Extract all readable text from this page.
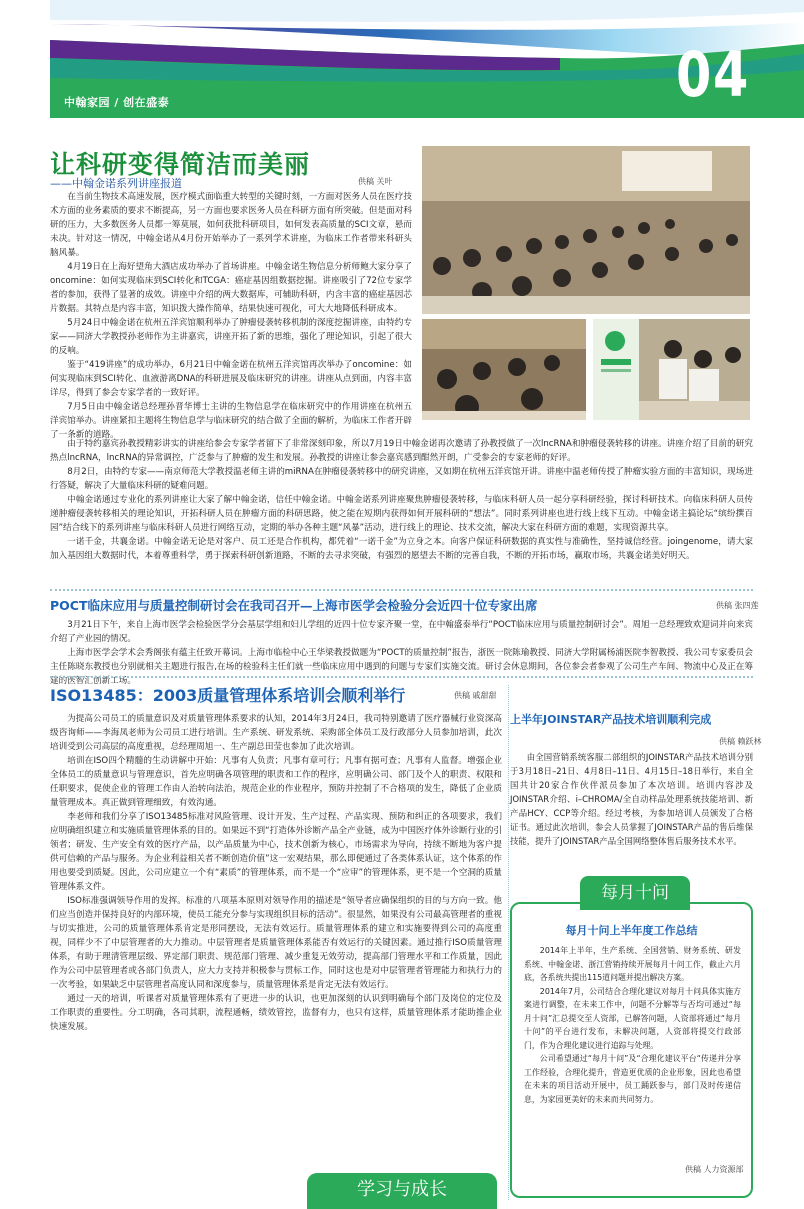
中翰家园 / 创在盛泰	04
让科研变得简洁而美丽
——中翰金诺系列讲座报道	供稿 关叶

在当前生物技术高速发展，医疗模式面临重大转型的关键时刻，一方面对医务人员在医疗技术方面的业务素质的要求不断提高，另一方面也要求医务人员在科研方面有所突破。但是面对科研的压力，大多数医务人员都一筹莫展，如何获批科研项目，如何发表高质量的SCI文章，悬而未决。针对这一情况，中翰金诺从4月份开始举办了一系列学术讲座，为临床工作者带来科研头脑风暴。

4月19日在上海好望角大酒店成功举办了首场讲座。中翰金诺生物信息分析师鲍大家分享了oncomine：如何实现临床到SCI转化和TCGA：癌症基因组数据挖掘。讲座吸引了72位专家学者的参加，获得了显著的成效。讲座中介绍的两大数据库，可辅助科研，内含丰富的癌症基因芯片数据。其特点是内容丰富，知识拨大操作简单，结果快速可视化，可大大地降低科研成本。

5月24日中翰金诺在杭州五洋宾馆顺利举办了肿瘤侵袭转移机制的深度挖掘讲座，由特约专家——同济大学教授孙老师作为主讲嘉宾，讲座开拓了新的思维，强化了理论知识，引起了很大的反响。

鉴于“419讲座”的成功举办，6月21日中翰金诺在杭州五洋宾馆再次举办了oncomine：如何实现临床到SCI转化、血液游离DNA的科研进展及临床研究的讲座。讲座从点到面，内容丰富详尽，得到了参会专家学者的一致好评。

7月5日由中翰金诺总经理孙晋华博士主讲的生物信息学在临床研究中的作用讲座在杭州五洋宾馆举办。讲座紧扣主题将生物信息学与临床研究的结合做了全面的解析，为临床工作者开辟了一条新的道路。

由于特约嘉宾孙教授精彩讲实的讲座给参会专家学者留下了非常深刻印象，所以7月19日中翰金诺再次邀请了孙教授做了一次lncRNA和肿瘤侵袭转移的讲座。讲座介绍了目前的研究热点lncRNA，lncRNA的异常调控，广泛参与了肿瘤的发生和发展。孙教授的讲座让参会嘉宾感到酣然开朗，广受参会的专家老师的好评。

8月2日，由特约专家——南京师范大学教授温老师主讲的miRNA在肿瘤侵袭转移中的研究讲座，又如期在杭州五洋宾馆开讲。讲座中温老师传授了肿瘤实验方面的丰富知识，现场进行答疑，解决了大量临床科研的疑难问题。

中翰金诺通过专业化的系列讲座让大家了解中翰金诺，信任中翰金诺。中翰金诺系列讲座聚焦肿瘤侵袭转移，与临床科研人员一起分享科研经验，探讨科研技术。向临床科研人员传递肿瘤侵袭转移相关的理论知识，开拓科研人员在肿瘤方面的科研思路，使之能在短期内获得如何开展科研的“想法”。同时系列讲座也进行线上线下互动。中翰金诺主搞论坛“缤纷撰百园”结合线下的系列讲座与临床科研人员进行网络互动，定期的举办各种主题“风暴”活动，进行线上的理论、技术交流，解决大家在科研方面的难题，实现资源共享。

一诺千金，共襄金诺。中翰金诺无论是对客户、员工还是合作机构，都凭着“一诺千金”为立身之本。向客户保证科研数据的真实性与准确性，坚持诚信经营。joingenome，请大家加入基因组大数据时代，本着尊重科学，勇于探索科研创新道路，不断的去寻求突破，有强烈的愿望去不断的完善自我，不断的开拓市场，赢取市场，共襄金诺美好明天。

POCT临床应用与质量控制研讨会在我司召开—上海市医学会检验分会近四十位专家出席	供稿 张四莲

3月21日下午，来自上海市医学会检验医学分会基层学组和妇儿学组的近四十位专家齐聚一堂，在中翰盛泰举行“POCT临床应用与质量控制研讨会”。周旭一总经理致欢迎词并向来宾介绍了产业园的情况。

上海市医学会学术会秀阁张有蕴主任致开幕词。上海市临检中心王华梁教授做题为“POCT的质量控制”报告，浙医一院陈瑜教授、同济大学附属杨浦医院李智教授、我公司专家委员会主任陈晓东教授也分别就相关主题进行报告,在场的检验科主任们就一些临床应用中遇到的问题与专家们实施交流。研讨会休息期间，各位参会者参观了公司生产车间、物流中心及正在筹建的医智汇创新工场。

ISO13485：2003质量管理体系培训会顺利举行	供稿 戚甜甜

为提高公司员工的质量意识及对质量管理体系要求的认知，2014年3月24日，我司特别邀请了医疗器械行业资深高级咨询师——李海凤老师为公司员工进行培训。生产系统、研发系统、采购部全体员工及行政部分人员参加培训，此次培训受到公司高层的高度重视，总经理周旭一、生产副总田莹也参加了此次培训。

培训在ISO四个精髓的生动讲解中开始：凡事有人负责；凡事有章可行；凡事有据可查；凡事有人监督。增强企业全体员工的质量意识与管理意识，首先应明确各项管理的职责和工作的程序，应明确公司、部门及个人的职责、权限和任职要求，促使企业的管理工作由人治转向法治，规范企业的作业程序，预防并控制了不合格项的发生，降低了企业质量管理成本。真正做到管理细致，有效沟通。

李老师和我们分享了ISO13485标准对风险管理、设计开发、生产过程、产品实现、预防和纠正的各项要求，我们应明确组织建立和实施质量管理体系的目的。如果远不到“打造体外诊断产品全产业链，成为中国医疗体外诊断行业的引领者；研发、生产安全有效的医疗产品，以产品质量为中心，技术创新为核心，市场需求为导向，持续不断地为客户提供可信赖的产品与服务。为企业利益相关者不断创造价值”这一宏观结果，那么即便通过了各类体系认证，这个体系的作用也要受到质疑。因此，公司应建立一个有“素质”的管理体系，而不是一个“应审”的管理体系，更不是一个空洞的质量管理体系文件。

ISO标准强调领导作用的发挥。标准的八项基本原则对领导作用的描述是“领导者应确保组织的目的与方向一致。他们应当创造并保持良好的内部环境，使员工能充分参与实现组织目标的活动”。很显然，如果没有公司最高管理者的重视与切实推进，公司的质量管理体系肯定是形同摆设，无法有效运行。质量管理体系的建立和实施要得到公司的高度重视，同样少不了中层管理者的大力推动。中层管理者是质量管理体系能否有效运行的关键因素。通过推行ISO质量管理体系，有助于理清管理层级、界定部门职责、规范部门管理、减少重复无效劳动，提高部门管理水平和工作质量，因此作为公司中层管理者或各部门负责人，应大力支持并积极参与贯标工作，同时这也是对中层管理者管理能力和执行力的一次考验，如果缺乏中层管理者高度认同和深度参与，质量管理体系是肯定无法有效运行。

通过一天的培训，听课者对质量管理体系有了更进一步的认识，也更加深刻的认识到明确每个部门及岗位的定位及工作职责的重要性。分工明确，各司其职，流程通畅，绩效管控，监督有力，也只有这样，质量管理体系才能助推企业快速发展。

上半年JOINSTAR产品技术培训顺利完成
供稿 赖跃林

由全国营销系统客服二部组织的JOINSTAR产品技术培训分别于3月18日–21日、4月8日–11日、4月15日–18日举行，来自全国共计20家合作伙伴派员参加了本次培训。培训内容涉及JOINSTAR介绍、i–CHROMA/全自动样品处理系统技能培训、新产品HCY、CCP等介绍。经过考核，为参加培训人员颁发了合格证书。通过此次培训，参会人员掌握了JOINSTAR产品的售后维保技能，提升了JOINSTAR产品全国网络整体售后服务技术水平。

每月十问
每月十问上半年度工作总结

2014年上半年，生产系统、全国营销、财务系统、研发系统、中翰金诺、浙江营销持续开展每月十问工作，截止六月底，各系统共提出115道问题并提出解决方案。

2014年7月，公司结合合理化建议对每月十问具体实施方案进行调整，在未来工作中，问题不分解等与否均可通过“每月十问”汇总提交至人资部，已解答问题，人资部将通过“每月十问”的平台进行发布，未解决问题，人资部将提交行政部门，作为合理化建议进行追踪与处理。

公司希望通过“每月十问”及“合理化建议平台“传递并分享工作经验，合理化提升，营造更优质的企业形象，因此也希望在未来的项目活动开展中，员工踊跃参与，部门及时传递信息，为家园更美好的未来而共同努力。

供稿 人力资源部
学习与成长
